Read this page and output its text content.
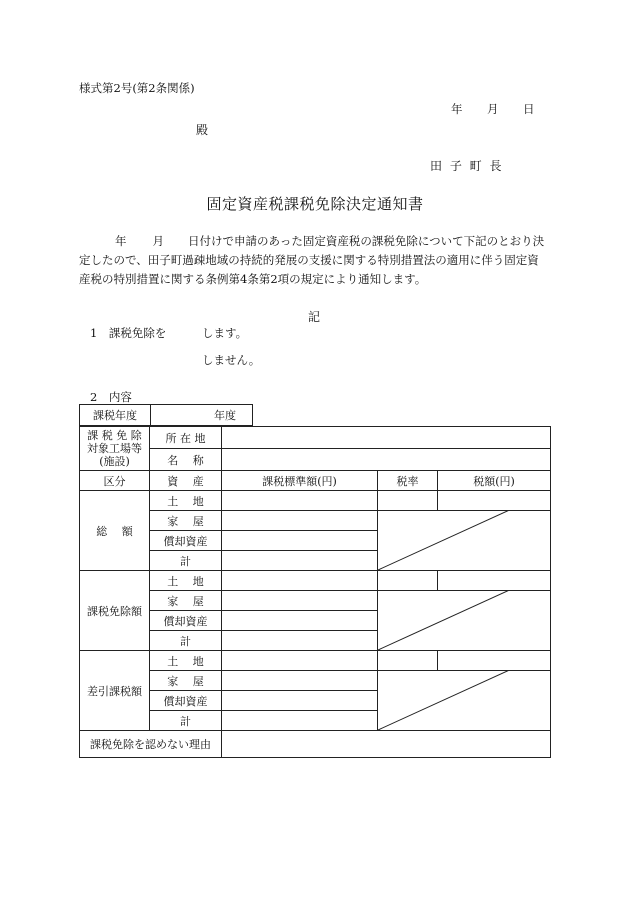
様式第2号(第2条関係)
年 月 日
殿
田 子 町 長
固定資産税課税免除決定通知書
年 月 日付けで申請のあった固定資産税の課税免除について下記のとおり決定したので、田子町過疎地域の持続的発展の支援に関する特別措置法の適用に伴う固定資産税の特別措置に関する条例第4条第2項の規定により通知します。
記
1　課税免除を	します。
しません。
2　内容
課税年度	年度
課 税 免 除
対象工場等
(施設)	所 在 地			
	名　 称			
区分	資　 産	課税標準額(円)	税率	税額(円)
総　 額	土　 地			
	家　 屋		

	償却資産			
	計			
課税免除額	土　 地			
	家　 屋		

	償却資産			
	計			
差引課税額	土　 地			
	家　 屋		

	償却資産			
	計			
課税免除を認めない理由				
